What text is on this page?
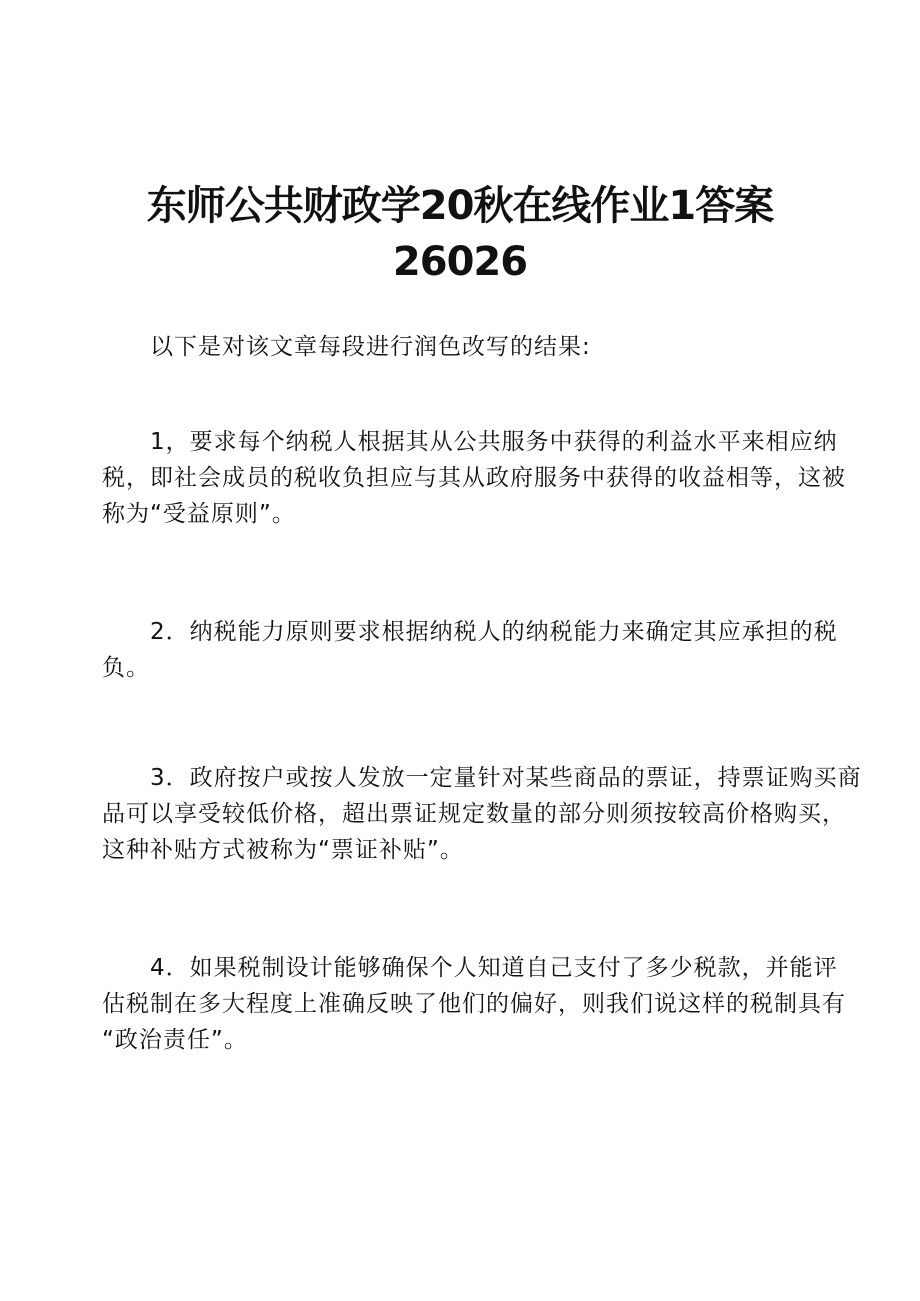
东师公共财政学20秋在线作业1答案
26026

以下是对该文章每段进行润色改写的结果:

1，要求每个纳税人根据其从公共服务中获得的利益水平来相应纳
税，即社会成员的税收负担应与其从政府服务中获得的收益相等，这被
称为“受益原则”。

2．纳税能力原则要求根据纳税人的纳税能力来确定其应承担的税
负。

3．政府按户或按人发放一定量针对某些商品的票证，持票证购买商
品可以享受较低价格，超出票证规定数量的部分则须按较高价格购买，
这种补贴方式被称为“票证补贴”。

4．如果税制设计能够确保个人知道自己支付了多少税款，并能评
估税制在多大程度上准确反映了他们的偏好，则我们说这样的税制具有
“政治责任”。
